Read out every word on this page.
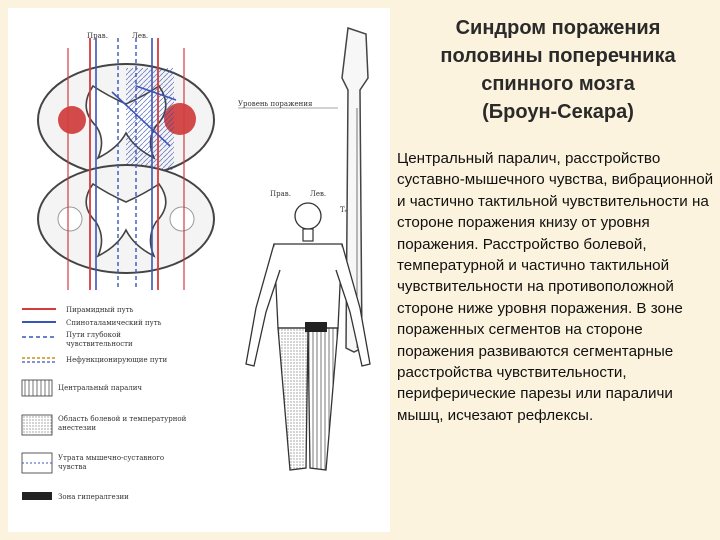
Прав.	Лев.
Уровень поражения
T₆
Прав.	Лев.
Пирамидный путь
Спиноталамический путь
Пути глубокой
чувствительности
Нефункционирующие пути
Центральный паралич
Область болевой и температурной
анестезии
Утрата мышечно-суставного
чувства
Зона гипералгезии
Синдром поражения
половины поперечника
спинного мозга
(Броун-Секара)
Центральный паралич, расстройство суставно-мышечного чувства, вибрационной и частично тактильной чувствительности на стороне поражения книзу от уровня поражения. Расстройство болевой, температурной и частично тактильной чувствительности на противоположной стороне ниже уровня поражения. В зоне пораженных сегментов на стороне поражения развиваются сегментарные расстройства чувствительности, периферические парезы или параличи мышц, исчезают рефлексы.
